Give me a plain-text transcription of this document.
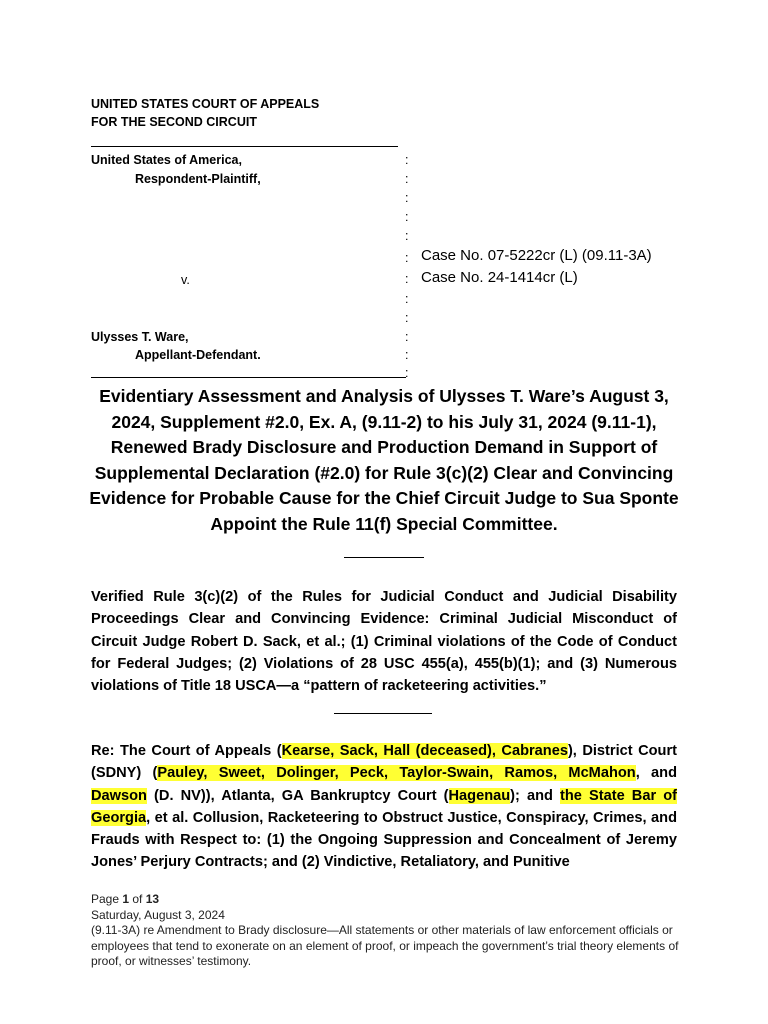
UNITED STATES COURT OF APPEALS
FOR THE SECOND CIRCUIT
United States of America,
Respondent-Plaintiff,
v.
Ulysses T. Ware,
Appellant-Defendant.
:
:
:
:
:
:
:
:
:
:
:
:
Case No. 07-5222cr (L) (09.11-3A)
Case No. 24-1414cr (L)
Evidentiary Assessment and Analysis of Ulysses T. Ware’s August 3, 2024, Supplement #2.0, Ex. A, (9.11-2) to his July 31, 2024 (9.11-1), Renewed Brady Disclosure and Production Demand in Support of Supplemental Declaration (#2.0) for Rule 3(c)(2) Clear and Convincing Evidence for Probable Cause for the Chief Circuit Judge to Sua Sponte Appoint the Rule 11(f) Special Committee.
Verified Rule 3(c)(2) of the Rules for Judicial Conduct and Judicial Disability Proceedings Clear and Convincing Evidence: Criminal Judicial Misconduct of Circuit Judge Robert D. Sack, et al.; (1) Criminal violations of the Code of Conduct for Federal Judges; (2) Violations of 28 USC 455(a), 455(b)(1); and (3) Numerous violations of Title 18 USCA—a “pattern of racketeering activities.”
Re: The Court of Appeals (Kearse, Sack, Hall (deceased), Cabranes), District Court (SDNY) (Pauley, Sweet, Dolinger, Peck, Taylor-Swain, Ramos, McMahon, and Dawson (D. NV)), Atlanta, GA Bankruptcy Court (Hagenau); and the State Bar of Georgia, et al. Collusion, Racketeering to Obstruct Justice, Conspiracy, Crimes, and Frauds with Respect to: (1) the Ongoing Suppression and Concealment of Jeremy Jones’ Perjury Contracts; and (2) Vindictive, Retaliatory, and Punitive
Page 1 of 13
Saturday, August 3, 2024
(9.11-3A) re Amendment to Brady disclosure—All statements or other materials of law enforcement officials or employees that tend to exonerate on an element of proof, or impeach the government’s trial theory elements of proof, or witnesses’ testimony.
